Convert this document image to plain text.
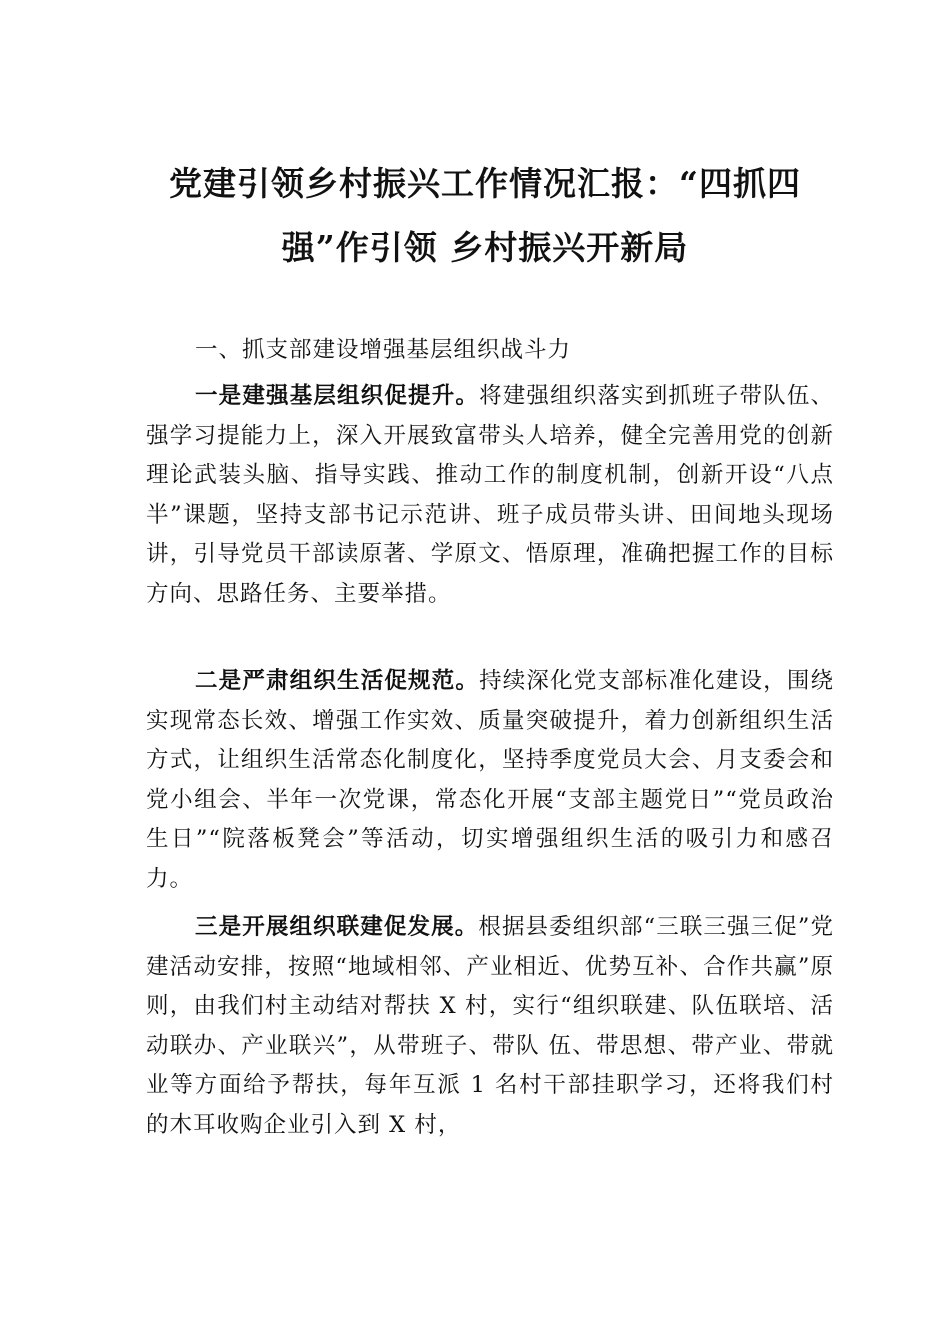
党建引领乡村振兴工作情况汇报：“四抓四
强”作引领 乡村振兴开新局

一、抓支部建设增强基层组织战斗力

一是建强基层组织促提升。将建强组织落实到抓班子带队伍、强学习提能力上，深入开展致富带头人培养，健全完善用党的创新理论武装头脑、指导实践、推动工作的制度机制，创新开设“八点半”课题，坚持支部书记示范讲、班子成员带头讲、田间地头现场讲，引导党员干部读原著、学原文、悟原理，准确把握工作的目标方向、思路任务、主要举措。

二是严肃组织生活促规范。持续深化党支部标准化建设，围绕实现常态长效、增强工作实效、质量突破提升，着力创新组织生活方式，让组织生活常态化制度化，坚持季度党员大会、月支委会和党小组会、半年一次党课，常态化开展“支部主题党日”“党员政治生日”“院落板凳会”等活动，切实增强组织生活的吸引力和感召力。

三是开展组织联建促发展。根据县委组织部“三联三强三促”党建活动安排，按照“地域相邻、产业相近、优势互补、合作共赢”原则，由我们村主动结对帮扶 X 村，实行“组织联建、队伍联培、活动联办、产业联兴”，从带班子、带队 伍、带思想、带产业、带就业等方面给予帮扶，每年互派 1 名村干部挂职学习，还将我们村的木耳收购企业引入到 X 村，
